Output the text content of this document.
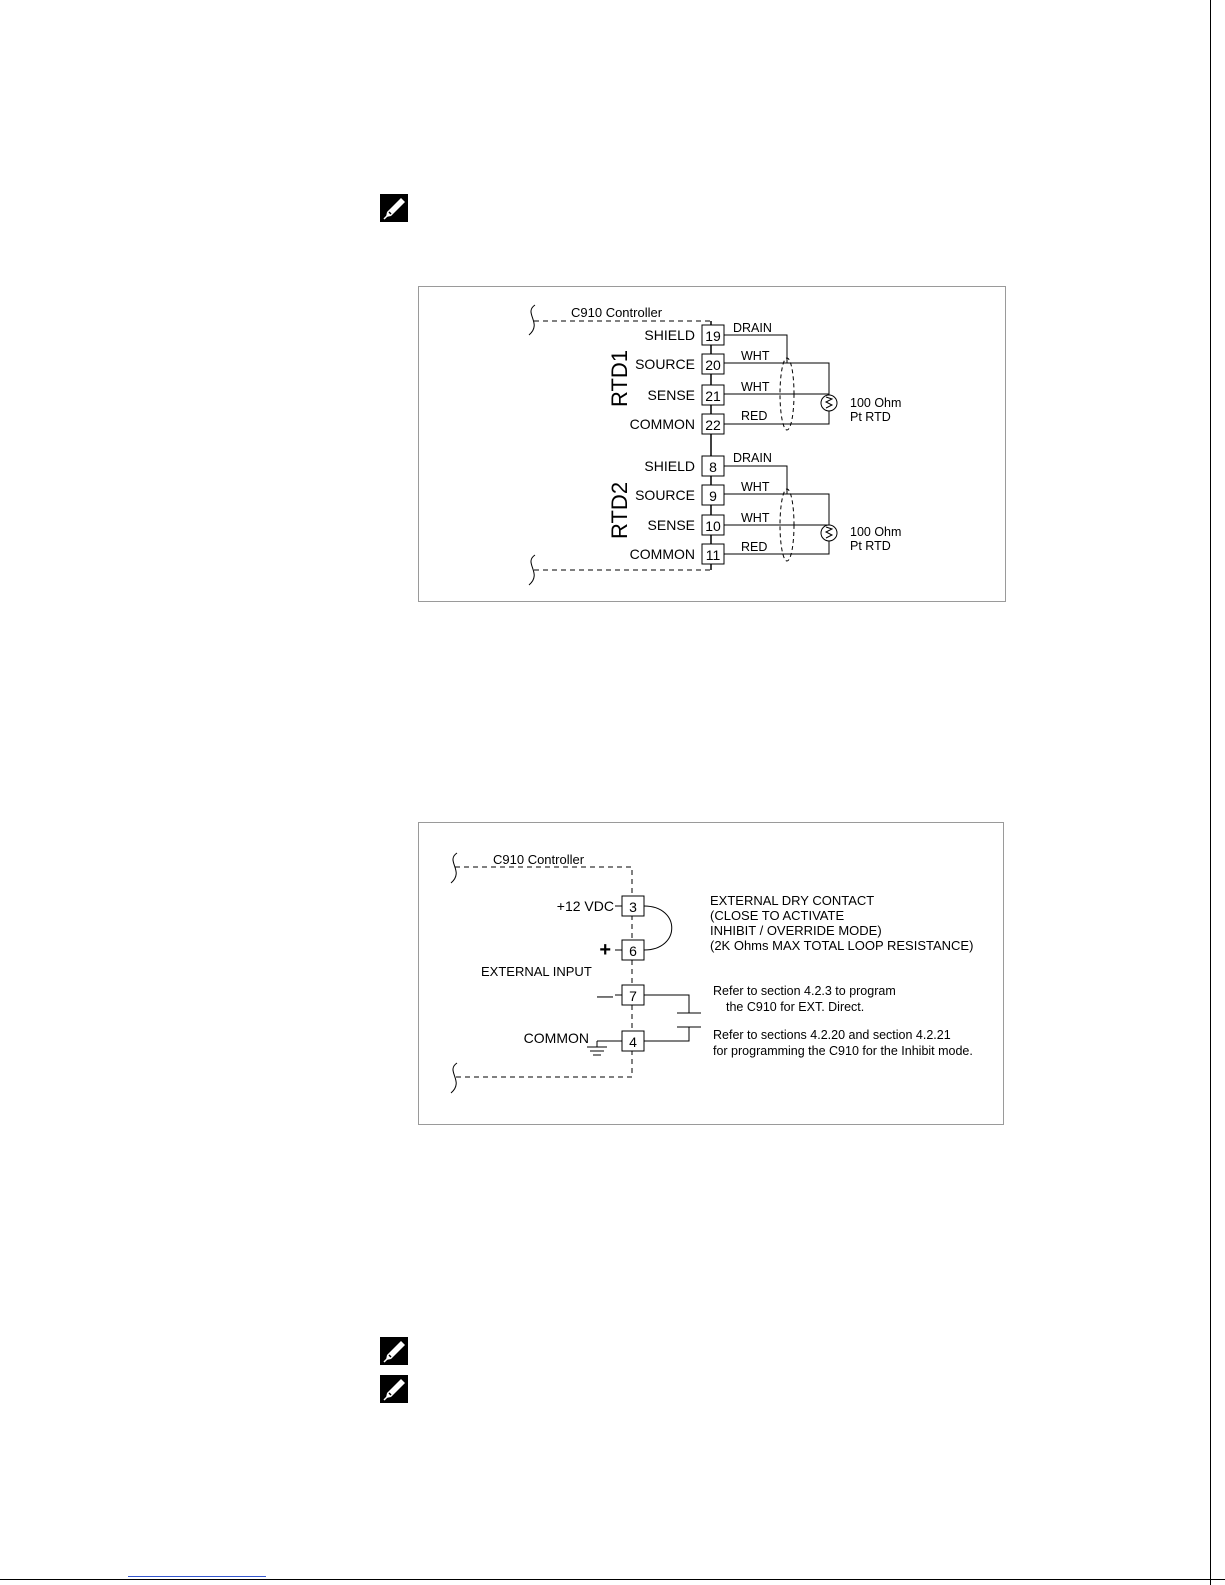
C910 Controller
RTD1
RTD2
SHIELD 19
SOURCE 20
SENSE 21
COMMON 22
DRAIN
WHT
WHT
RED
100 Ohm
Pt RTD
SHIELD 8
SOURCE 9
SENSE 10
COMMON 11
DRAIN
WHT
WHT
RED
100 Ohm
Pt RTD
C910 Controller
+12 VDC 3
+ 6
— 7
COMMON	4
EXTERNAL INPUT
EXTERNAL DRY CONTACT
(CLOSE TO ACTIVATE
INHIBIT / OVERRIDE MODE)
(2K Ohms MAX TOTAL LOOP RESISTANCE)
Refer to section 4.2.3 to program
the C910 for EXT. Direct.
Refer to sections 4.2.20 and section 4.2.21
for programming the C910 for the Inhibit mode.
